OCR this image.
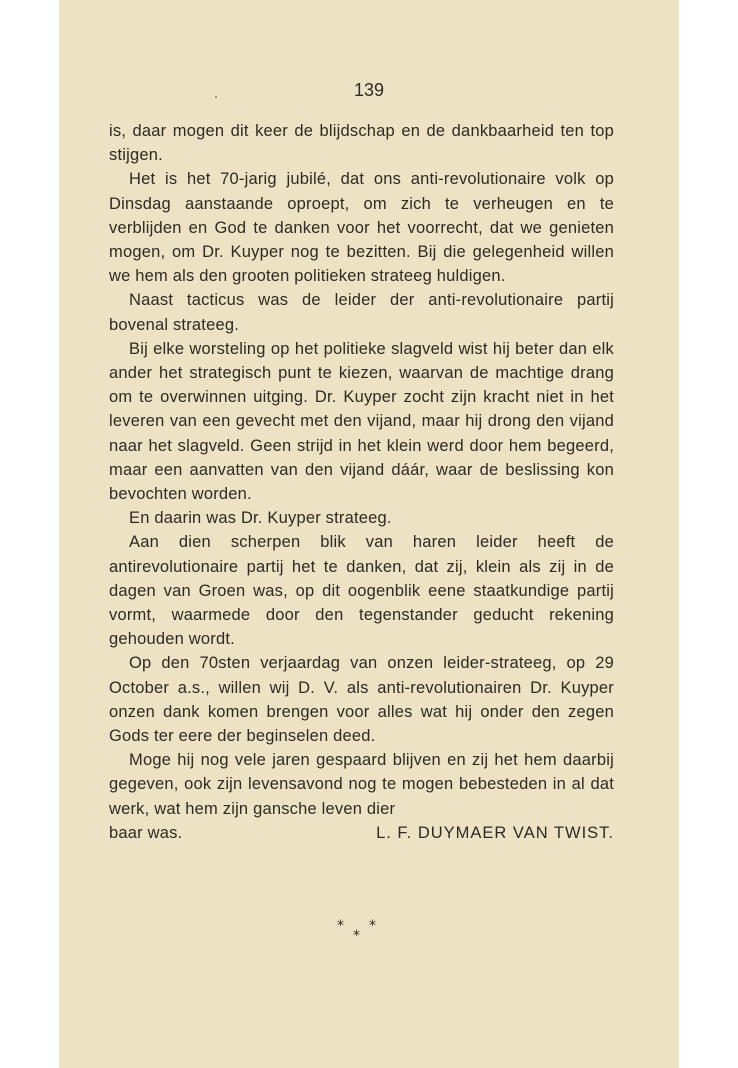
139

is, daar mogen dit keer de blijdschap en de dankbaarheid ten top stijgen.

Het is het 70-jarig jubilé, dat ons anti-revolutionaire volk op Dinsdag aanstaande oproept, om zich te verheugen en te verblijden en God te danken voor het voorrecht, dat we genieten mogen, om Dr. Kuyper nog te bezitten. Bij die gelegenheid willen we hem als den grooten politieken strateeg huldigen.

Naast tacticus was de leider der anti-revolutionaire partij bovenal strateeg.

Bij elke worsteling op het politieke slagveld wist hij beter dan elk ander het strategisch punt te kiezen, waarvan de machtige drang om te overwinnen uitging. Dr. Kuyper zocht zijn kracht niet in het leveren van een gevecht met den vijand, maar hij drong den vijand naar het slagveld. Geen strijd in het klein werd door hem begeerd, maar een aanvatten van den vijand dáár, waar de beslissing kon bevochten worden.

En daarin was Dr. Kuyper strateeg.

Aan dien scherpen blik van haren leider heeft de antirevolutionaire partij het te danken, dat zij, klein als zij in de dagen van Groen was, op dit oogenblik eene staatkundige partij vormt, waarmede door den tegenstander geducht rekening gehouden wordt.

Op den 70sten verjaardag van onzen leider-strateeg, op 29 October a.s., willen wij D. V. als anti-revolutionairen Dr. Kuyper onzen dank komen brengen voor alles wat hij onder den zegen Gods ter eere der beginselen deed.

Moge hij nog vele jaren gespaard blijven en zij het hem daarbij gegeven, ook zijn levensavond nog te mogen bebesteden in al dat werk, wat hem zijn gansche leven dier

baar was.	L. F. DUYMAER VAN TWIST.
*
*
*
